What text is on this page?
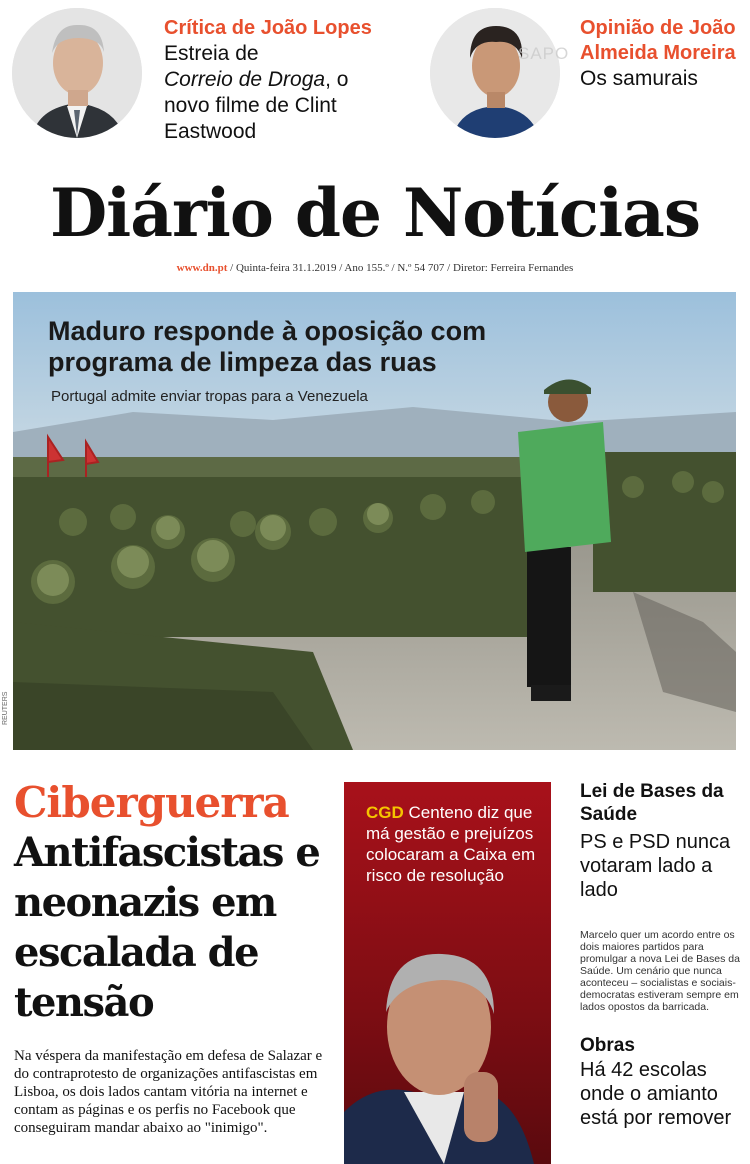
Crítica de João Lopes
Estreia de
Correio de Droga, o novo filme de Clint Eastwood
Opinião de João Almeida Moreira
Os samurais
SAPO
Diário de Notícias
www.dn.pt / Quinta-feira 31.1.2019 / Ano 155.º / N.º 54 707 / Diretor: Ferreira Fernandes
Maduro responde à oposição com programa de limpeza das ruas
Portugal admite enviar tropas para a Venezuela
REUTERS
Ciberguerra
Antifascistas e neonazis em escalada de tensão
Na véspera da manifestação em defesa de Salazar e do contraprotesto de organizações antifascistas em Lisboa, os dois lados cantam vitória na internet e contam as páginas e os perfis no Facebook que conseguiram mandar abaixo ao "inimigo".
CGD Centeno diz que má gestão e prejuízos colocaram a Caixa em risco de resolução
Lei de Bases da Saúde
PS e PSD nunca votaram lado a lado
Marcelo quer um acordo entre os dois maiores partidos para promulgar a nova Lei de Bases da Saúde. Um cenário que nunca aconteceu – socialistas e sociais-democratas estiveram sempre em lados opostos da barricada.
Obras
Há 42 escolas onde o amianto está por remover
